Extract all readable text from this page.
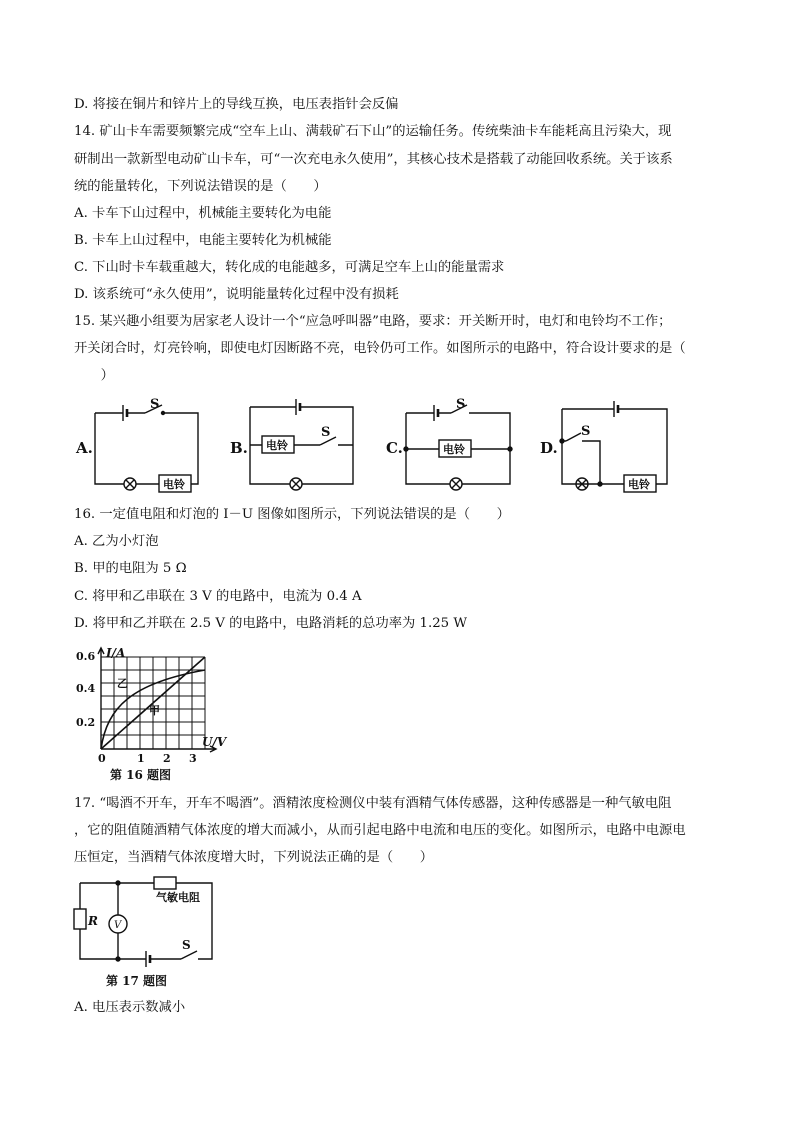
D. 将接在铜片和锌片上的导线互换，电压表指针会反偏
14. 矿山卡车需要频繁完成“空车上山、满载矿石下山”的运输任务。传统柴油卡车能耗高且污染大，现
研制出一款新型电动矿山卡车，可“一次充电永久使用”，其核心技术是搭载了动能回收系统。关于该系
统的能量转化，下列说法错误的是（　　）
A. 卡车下山过程中，机械能主要转化为电能
B. 卡车上山过程中，电能主要转化为机械能
C. 下山时卡车载重越大，转化成的电能越多，可满足空车上山的能量需求
D. 该系统可“永久使用”，说明能量转化过程中没有损耗
15. 某兴趣小组要为居家老人设计一个“应急呼叫器”电路，要求：开关断开时，电灯和电铃均不工作；
开关闭合时，灯亮铃响，即使电灯因断路不亮，电铃仍可工作。如图所示的电路中，符合设计要求的是（
　　）
A.
S
电铃
B. 电铃
S
C.
S
电铃	D.
S
电铃
16. 一定值电阻和灯泡的 I－U 图像如图所示，下列说法错误的是（　　）
A. 乙为小灯泡
B. 甲的电阻为 5 Ω
C. 将甲和乙串联在 3 V 的电路中，电流为 0.4 A
D. 将甲和乙并联在 2.5 V 的电路中，电路消耗的总功率为 1.25 W
I/A
U/V
乙
甲
0	1 2 3
0.2
0.4
0.6
第 16 题图
17. “喝酒不开车，开车不喝酒”。酒精浓度检测仪中装有酒精气体传感器，这种传感器是一种气敏电阻
，它的阻值随酒精气体浓度的增大而减小，从而引起电路中电流和电压的变化。如图所示，电路中电源电
压恒定，当酒精气体浓度增大时，下列说法正确的是（　　）
R V
气敏电阻
S
第 17 题图
A. 电压表示数减小
